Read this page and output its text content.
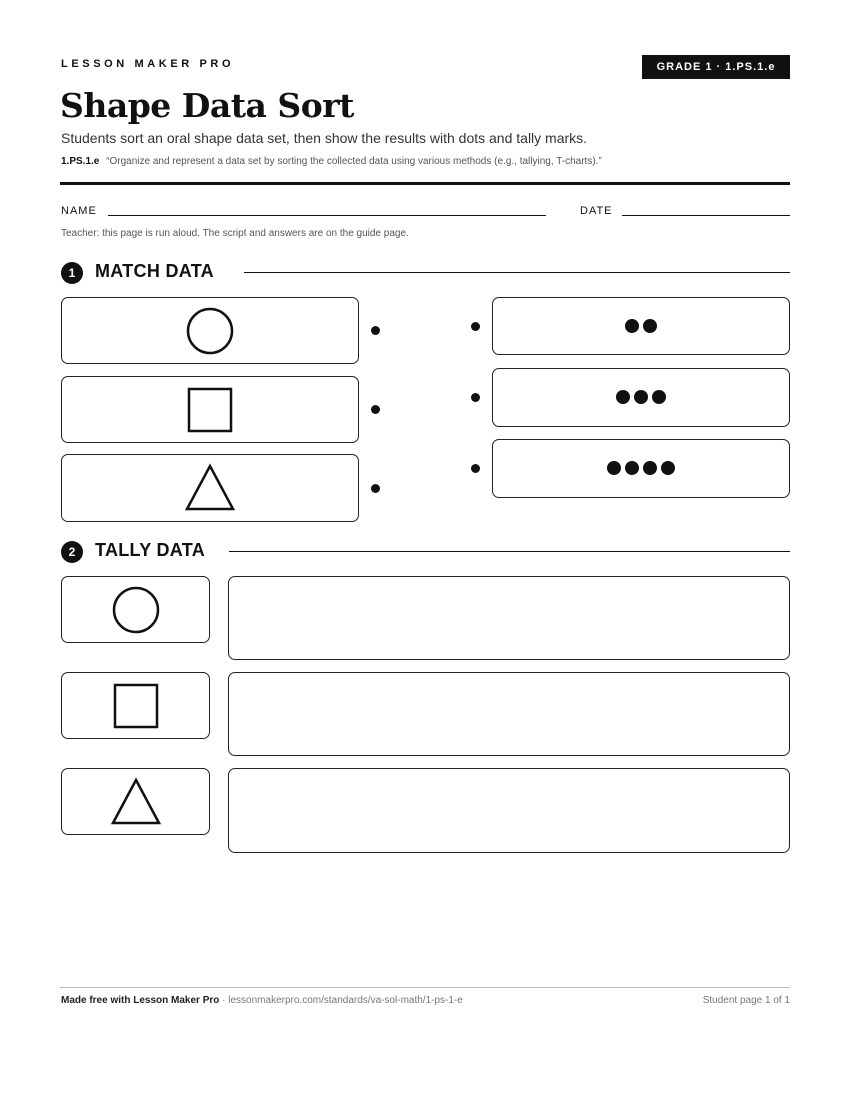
LESSON MAKER PRO	GRADE 1 · 1.PS.1.e
Shape Data Sort
Students sort an oral shape data set, then show the results with dots and tally marks.
1.PS.1.e “Organize and represent a data set by sorting the collected data using various methods (e.g., tallying, T-charts).”
NAME	DATE
Teacher: this page is run aloud. The script and answers are on the guide page.
1	MATCH DATA
2	TALLY DATA
Made free with Lesson Maker Pro · lessonmakerpro.com/standards/va-sol-math/1-ps-1-e	Student page 1 of 1
